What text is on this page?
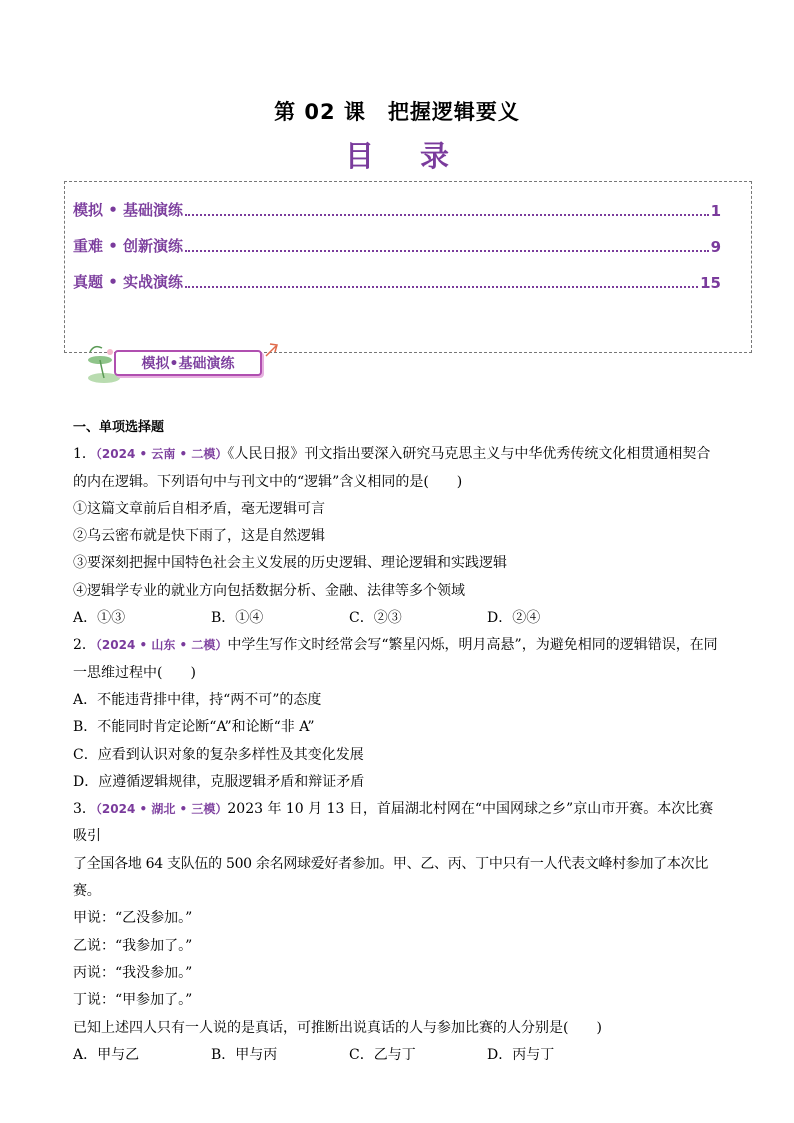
第 02 课　把握逻辑要义
目 录
模拟 • 基础演练	1
重难 • 创新演练	9
真题 • 实战演练	15
模拟•基础演练

一、单项选择题

1．（2024 • 云南 • 二模）《人民日报》刊文指出要深入研究马克思主义与中华优秀传统文化相贯通相契合

的内在逻辑。下列语句中与刊文中的“逻辑”含义相同的是(　　)

①这篇文章前后自相矛盾，毫无逻辑可言

②乌云密布就是快下雨了，这是自然逻辑

③要深刻把握中国特色社会主义发展的历史逻辑、理论逻辑和实践逻辑

④逻辑学专业的就业方向包括数据分析、金融、法律等多个领域

A．①③	B．①④	C．②③	D．②④

2．（2024 • 山东 • 二模）中学生写作文时经常会写“繁星闪烁，明月高悬”，为避免相同的逻辑错误，在同

一思维过程中(　　)

A．不能违背排中律，持“两不可”的态度

B．不能同时肯定论断“A”和论断“非 A”

C．应看到认识对象的复杂多样性及其变化发展

D．应遵循逻辑规律，克服逻辑矛盾和辩证矛盾

3．（2024 • 湖北 • 三模）2023 年 10 月 13 日，首届湖北村网在“中国网球之乡”京山市开赛。本次比赛吸引

了全国各地 64 支队伍的 500 余名网球爱好者参加。甲、乙、丙、丁中只有一人代表文峰村参加了本次比赛。

甲说：“乙没参加。”

乙说：“我参加了。”

丙说：“我没参加。”

丁说：“甲参加了。”

已知上述四人只有一人说的是真话，可推断出说真话的人与参加比赛的人分别是(　　)

A．甲与乙	B．甲与丙	C．乙与丁	D．丙与丁
